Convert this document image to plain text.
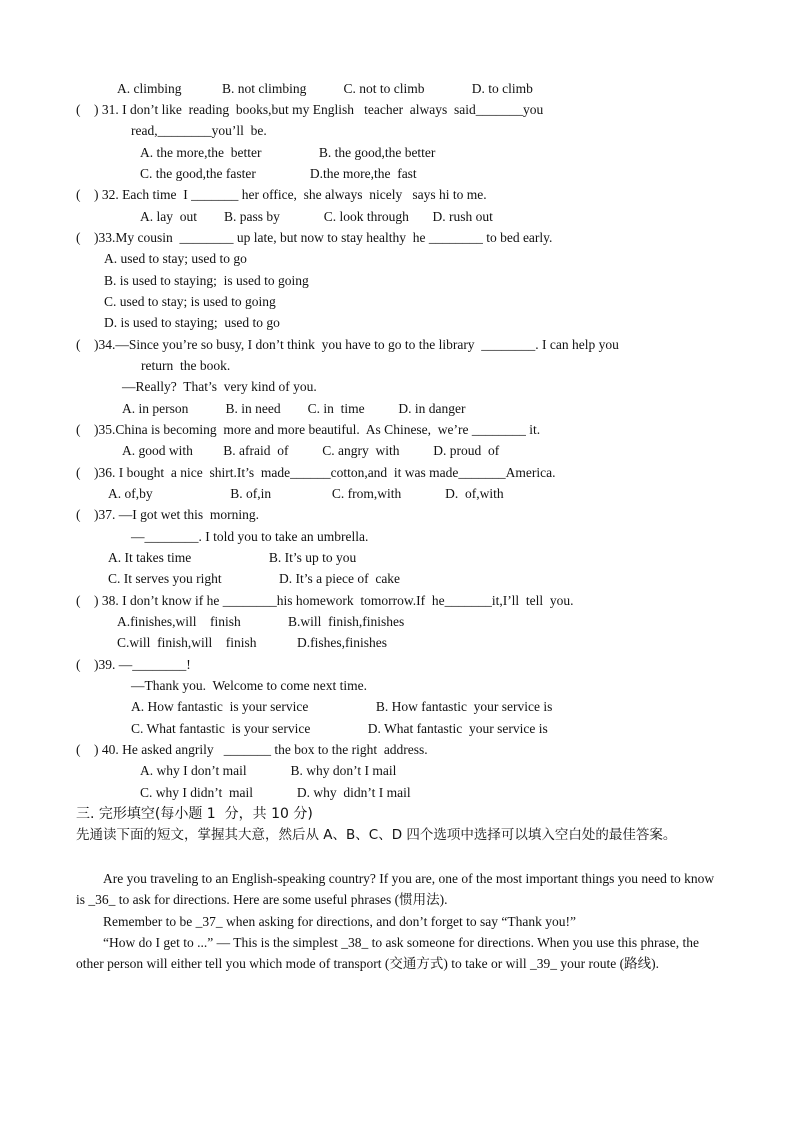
A. climbing            B. not climbing           C. not to climb              D. to climb
(    ) 31. I don’t like  reading  books,but my English   teacher  always  said_______you
read,________you’ll  be.
A. the more,the  better                 B. the good,the better
C. the good,the faster                D.the more,the  fast
(    ) 32. Each time  I _______ her office,  she always  nicely   says hi to me.
A. lay  out        B. pass by             C. look through       D. rush out
(    )33.My cousin  ________ up late, but now to stay healthy  he ________ to bed early.
A. used to stay; used to go
B. is used to staying;  is used to going
C. used to stay; is used to going
D. is used to staying;  used to go
(    )34.—Since you’re so busy, I don’t think  you have to go to the library  ________. I can help you
return  the book.
—Really?  That’s  very kind of you.
A. in person           B. in need        C. in  time          D. in danger
(    )35.China is becoming  more and more beautiful.  As Chinese,  we’re ________ it.
A. good with         B. afraid  of          C. angry  with          D. proud  of
(    )36. I bought  a nice  shirt.It’s  made______cotton,and  it was made_______America.
A. of,by                       B. of,in                  C. from,with             D.  of,with
(    )37. —I got wet this  morning.
—________. I told you to take an umbrella.
A. It takes time                       B. It’s up to you
C. It serves you right                 D. It’s a piece of  cake
(    ) 38. I don’t know if he ________his homework  tomorrow.If  he_______it,I’ll  tell  you.
A.finishes,will    finish              B.will  finish,finishes
C.will  finish,will    finish            D.fishes,finishes
(    )39. —________!
—Thank you.  Welcome to come next time.
A. How fantastic  is your service                    B. How fantastic  your service is
C. What fantastic  is your service                 D. What fantastic  your service is
(    ) 40. He asked angrily   _______ the box to the right  address.
A. why I don’t mail             B. why don’t I mail
C. why I didn’t  mail             D. why  didn’t I mail
三. 完形填空(每小题 1  分，共 10 分)
先通读下面的短文，掌握其大意，然后从 A、B、C、D 四个选项中选择可以填入空白处的最佳答案。
Are you traveling to an English-speaking country? If you are, one of the most important things you need to know is _36_ to ask for directions. Here are some useful phrases (惯用法).
Remember to be _37_ when asking for directions, and don’t forget to say “Thank you!”
“How do I get to ...” — This is the simplest _38_ to ask someone for directions. When you use this phrase, the other person will either tell you which mode of transport (交通方式) to take or will _39_ your route (路线).
